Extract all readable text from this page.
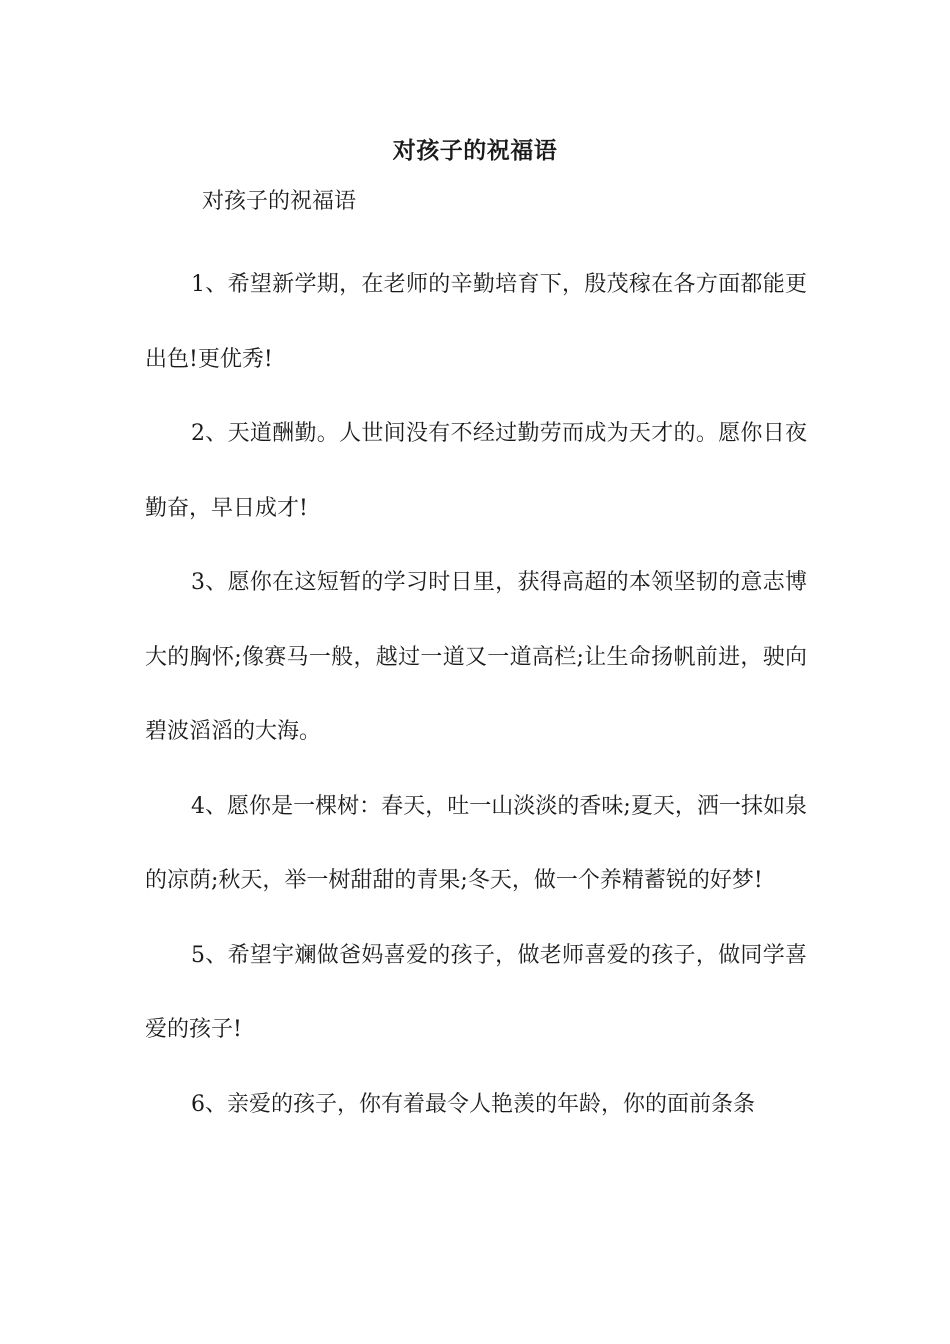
对孩子的祝福语

对孩子的祝福语

1、希望新学期，在老师的辛勤培育下，殷茂稼在各方面都能更出色!更优秀!

2、天道酬勤。人世间没有不经过勤劳而成为天才的。愿你日夜勤奋，早日成才!

3、愿你在这短暂的学习时日里，获得高超的本领坚韧的意志博大的胸怀;像赛马一般，越过一道又一道高栏;让生命扬帆前进，驶向碧波滔滔的大海。

4、愿你是一棵树：春天，吐一山淡淡的香味;夏天，洒一抹如泉的凉荫;秋天，举一树甜甜的青果;冬天，做一个养精蓄锐的好梦!

5、希望宇斓做爸妈喜爱的孩子，做老师喜爱的孩子，做同学喜爱的孩子!

6、亲爱的孩子，你有着最令人艳羡的年龄，你的面前条条
